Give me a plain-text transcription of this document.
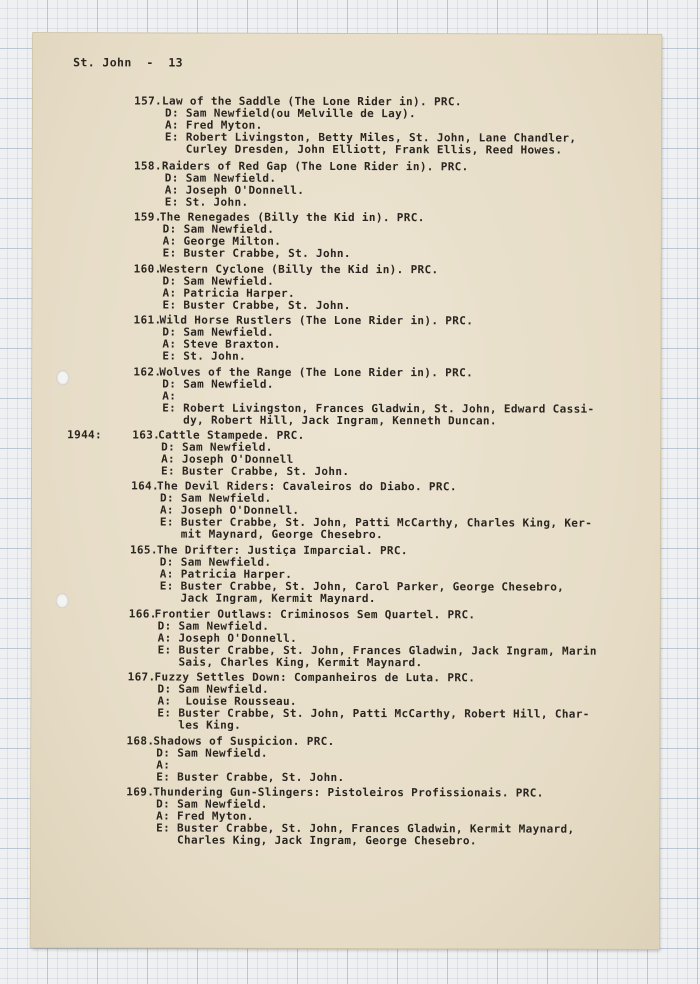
St. John  -  13
157. Law of the Saddle (The Lone Rider in). PRC.
D: Sam Newfield(ou Melville de Lay).
A: Fred Myton.
E: Robert Livingston, Betty Miles, St. John, Lane Chandler,
Curley Dresden, John Elliott, Frank Ellis, Reed Howes.
158. Raiders of Red Gap (The Lone Rider in). PRC.
D: Sam Newfield.
A: Joseph O'Donnell.
E: St. John.
159.
The Renegades (Billy the Kid in). PRC.
D: Sam Newfield.
A: George Milton.
E: Buster Crabbe, St. John.
160.
Western Cyclone (Billy the Kid in). PRC.
D: Sam Newfield.
A: Patricia Harper.
E: Buster Crabbe, St. John.
161.
Wild Horse Rustlers (The Lone Rider in). PRC.
D: Sam Newfield.
A: Steve Braxton.
E: St. John.
162.
Wolves of the Range (The Lone Rider in). PRC.
D: Sam Newfield.
A:
E: Robert Livingston, Frances Gladwin, St. John, Edward Cassi-
dy, Robert Hill, Jack Ingram, Kenneth Duncan.
1944:	163.
Cattle Stampede. PRC.
D: Sam Newfield.
A: Joseph O'Donnell
E: Buster Crabbe, St. John.
164.
The Devil Riders: Cavaleiros do Diabo. PRC.
D: Sam Newfield.
A: Joseph O'Donnell.
E: Buster Crabbe, St. John, Patti McCarthy, Charles King, Ker-
mit Maynard, George Chesebro.
165.
The Drifter: Justiça Imparcial. PRC.
D: Sam Newfield.
A: Patricia Harper.
E: Buster Crabbe, St. John, Carol Parker, George Chesebro,
Jack Ingram, Kermit Maynard.
166.
Frontier Outlaws: Criminosos Sem Quartel. PRC.
D: Sam Newfield.
A: Joseph O'Donnell.
E: Buster Crabbe, St. John, Frances Gladwin, Jack Ingram, Marin
Sais, Charles King, Kermit Maynard.
167.
Fuzzy Settles Down: Companheiros de Luta. PRC.
D: Sam Newfield.
A:  Louise Rousseau.
E: Buster Crabbe, St. John, Patti McCarthy, Robert Hill, Char-
les King.
168.
Shadows of Suspicion. PRC.
D: Sam Newfield.
A:
E: Buster Crabbe, St. John.
169.
Thundering Gun-Slingers: Pistoleiros Profissionais. PRC.
D: Sam Newfield.
A: Fred Myton.
E: Buster Crabbe, St. John, Frances Gladwin, Kermit Maynard,
Charles King, Jack Ingram, George Chesebro.
